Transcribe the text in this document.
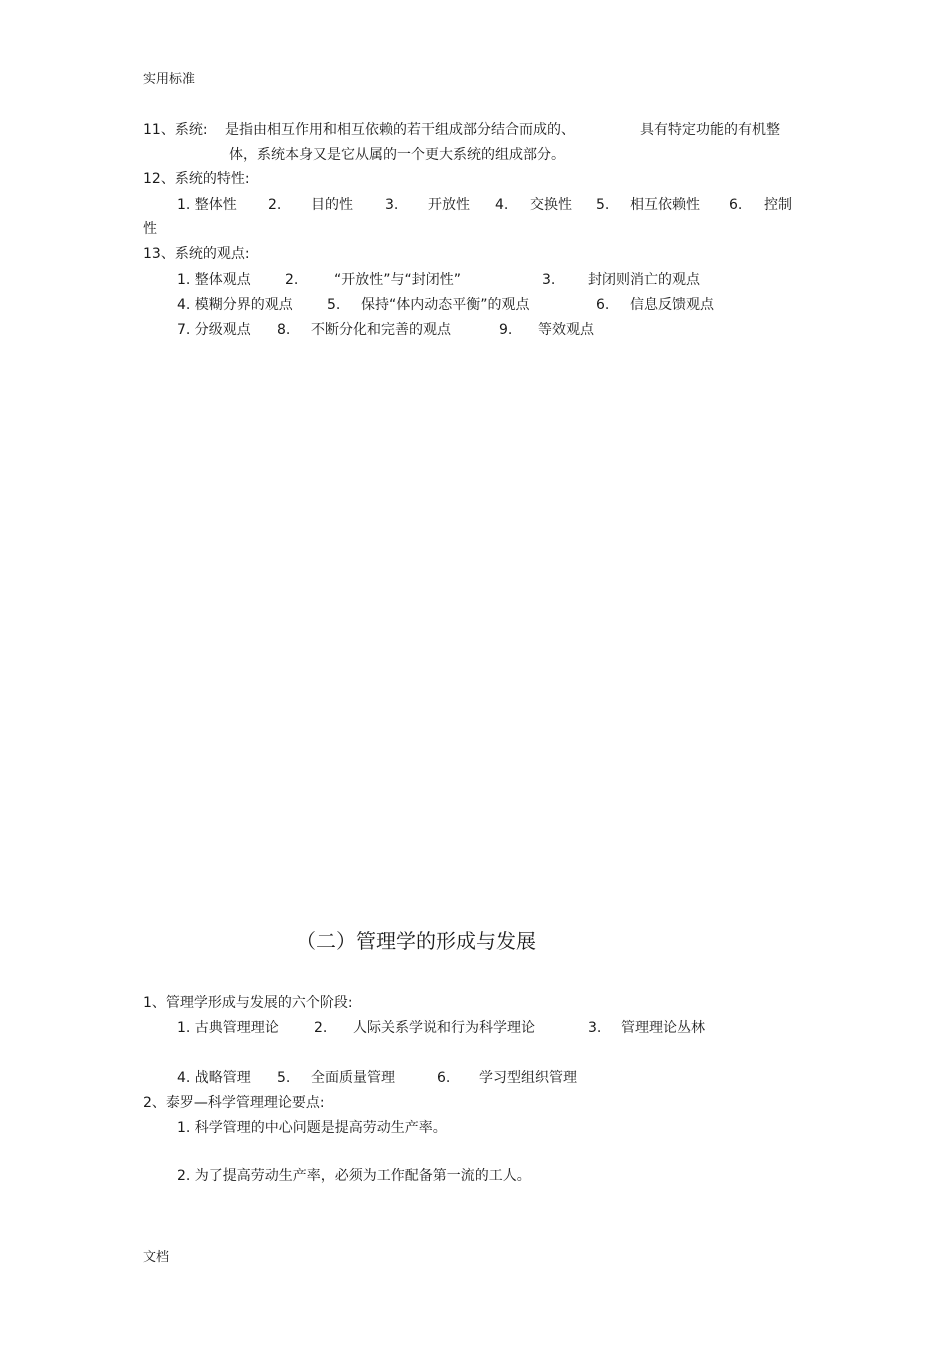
实用标准
文档
11、系统: 是指由相互作用和相互依赖的若干组成部分结合而成的、	具有特定功能的有机整
体，系统本身又是它从属的一个更大系统的组成部分。
12、系统的特性:
1. 整体性 2. 目的性 3. 开放性 4. 交换性 5. 相互依赖性 6. 控制
性
13、系统的观点:
1. 整体观点 2.	“开放性”与“封闭性”	3. 封闭则消亡的观点
4. 模糊分界的观点 5. 保持“体内动态平衡”的观点	6. 信息反馈观点
7. 分级观点 8. 不断分化和完善的观点	9. 等效观点
（二）管理学的形成与发展
1、管理学形成与发展的六个阶段:
1. 古典管理理论	2. 人际关系学说和行为科学理论	3. 管理理论丛林
4. 战略管理 5. 全面质量管理	6. 学习型组织管理
2、泰罗—科学管理理论要点:
1. 科学管理的中心问题是提高劳动生产率。
2. 为了提高劳动生产率，必须为工作配备第一流的工人。
